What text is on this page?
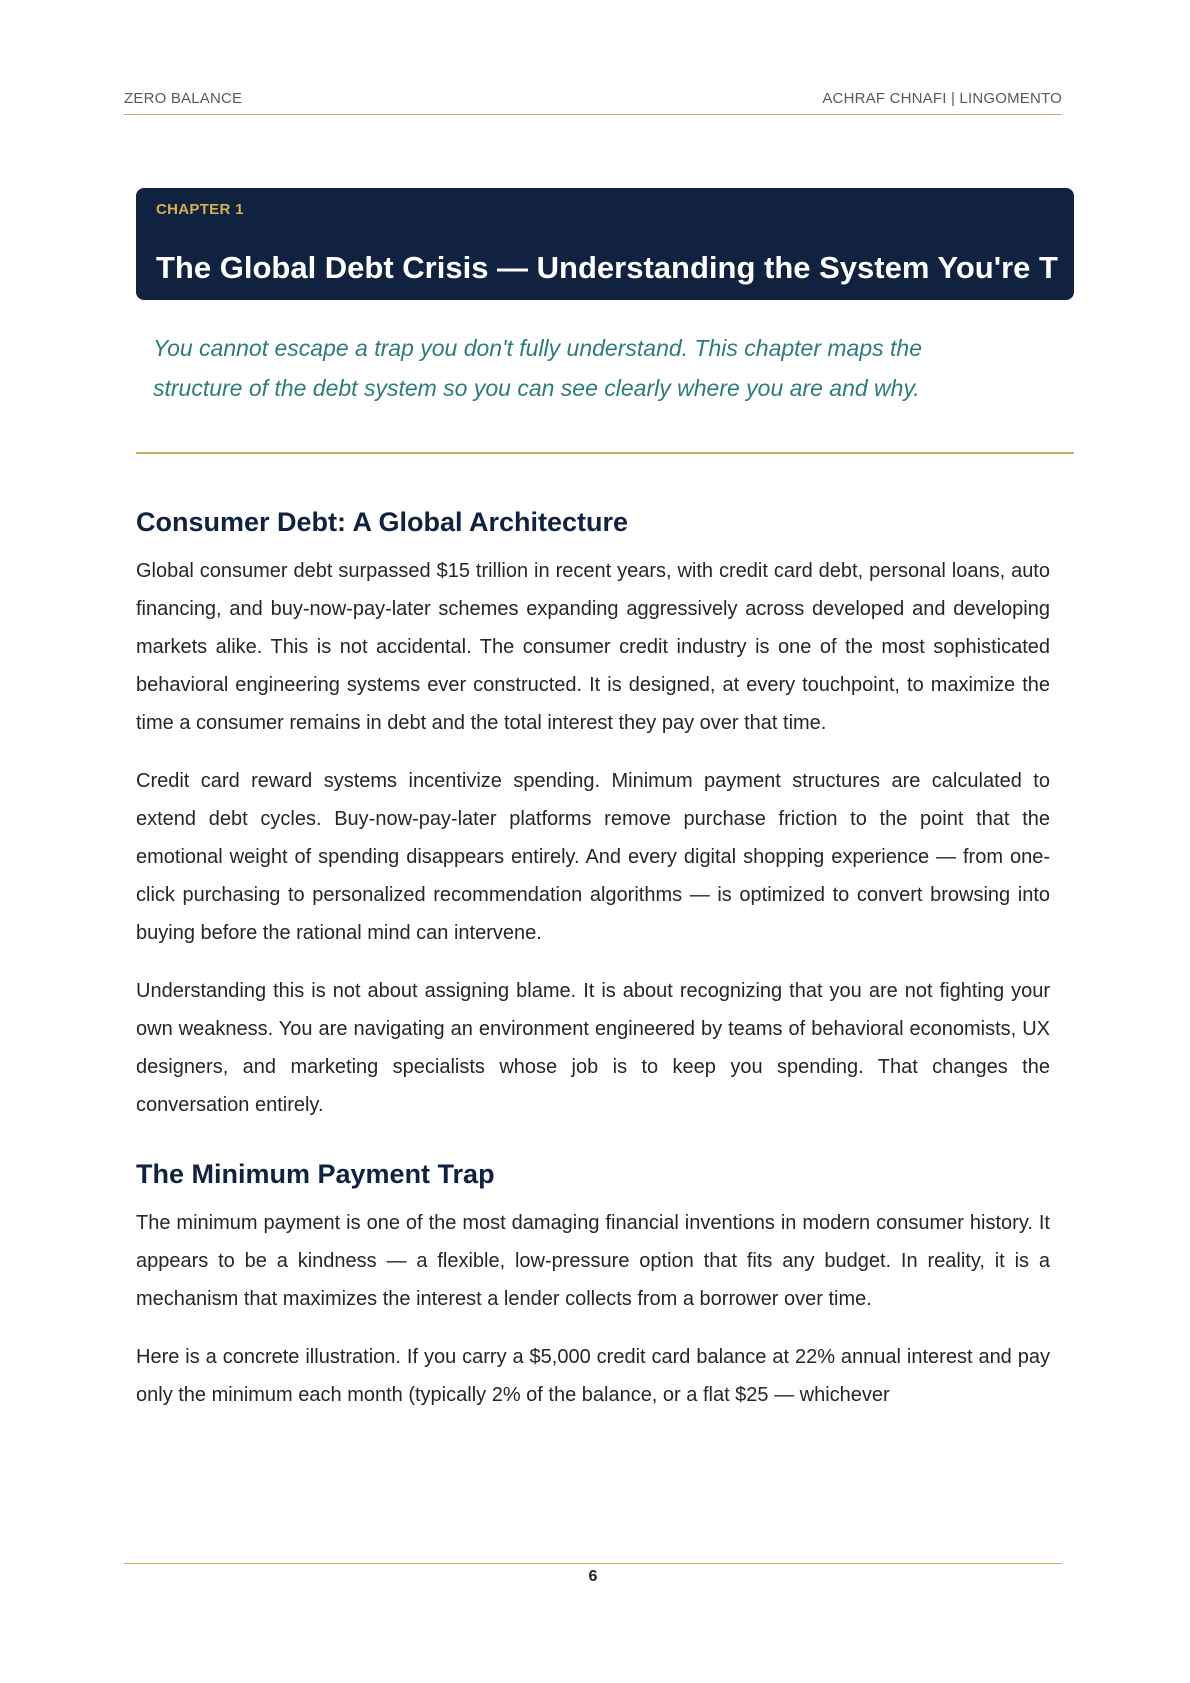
ZERO BALANCE	ACHRAF CHNAFI | LINGOMENTO
CHAPTER 1
The Global Debt Crisis — Understanding the System You're T
You cannot escape a trap you don't fully understand. This chapter maps the structure of the debt system so you can see clearly where you are and why.
Consumer Debt: A Global Architecture

Global consumer debt surpassed $15 trillion in recent years, with credit card debt, personal loans, auto financing, and buy-now-pay-later schemes expanding aggressively across developed and developing markets alike. This is not accidental. The consumer credit industry is one of the most sophisticated behavioral engineering systems ever constructed. It is designed, at every touchpoint, to maximize the time a consumer remains in debt and the total interest they pay over that time.

Credit card reward systems incentivize spending. Minimum payment structures are calculated to extend debt cycles. Buy-now-pay-later platforms remove purchase friction to the point that the emotional weight of spending disappears entirely. And every digital shopping experience — from one-click purchasing to personalized recommendation algorithms — is optimized to convert browsing into buying before the rational mind can intervene.

Understanding this is not about assigning blame. It is about recognizing that you are not fighting your own weakness. You are navigating an environment engineered by teams of behavioral economists, UX designers, and marketing specialists whose job is to keep you spending. That changes the conversation entirely.

The Minimum Payment Trap

The minimum payment is one of the most damaging financial inventions in modern consumer history. It appears to be a kindness — a flexible, low-pressure option that fits any budget. In reality, it is a mechanism that maximizes the interest a lender collects from a borrower over time.

Here is a concrete illustration. If you carry a $5,000 credit card balance at 22% annual interest and pay only the minimum each month (typically 2% of the balance, or a flat $25 — whichever

6
